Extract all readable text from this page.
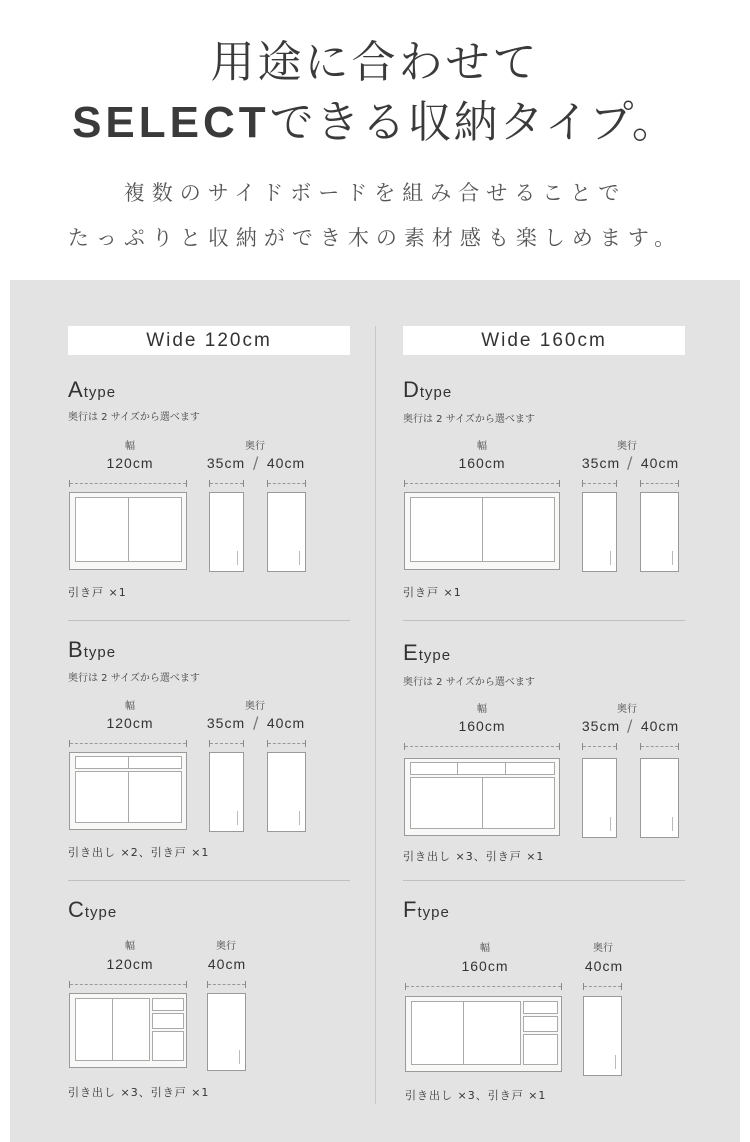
用途に合わせて
SELECTできる収納タイプ。
複数のサイドボードを組み合せることで
たっぷりと収納ができ木の素材感も楽しめます。
Wide 120cm	Wide 160cm
Atype
奥行は 2 サイズから選べます
幅	奥行
120cm	35cm / 40cm
引き戸 ×1
Btype
奥行は 2 サイズから選べます
幅	奥行
120cm	35cm / 40cm
引き出し ×2、引き戸 ×1
Ctype
幅	奥行
120cm	40cm
引き出し ×3、引き戸 ×1
Dtype
奥行は 2 サイズから選べます
幅	奥行
160cm	35cm / 40cm
引き戸 ×1
Etype
奥行は 2 サイズから選べます
幅	奥行
160cm	35cm / 40cm
引き出し ×3、引き戸 ×1
Ftype
幅	奥行
160cm	40cm
引き出し ×3、引き戸 ×1
